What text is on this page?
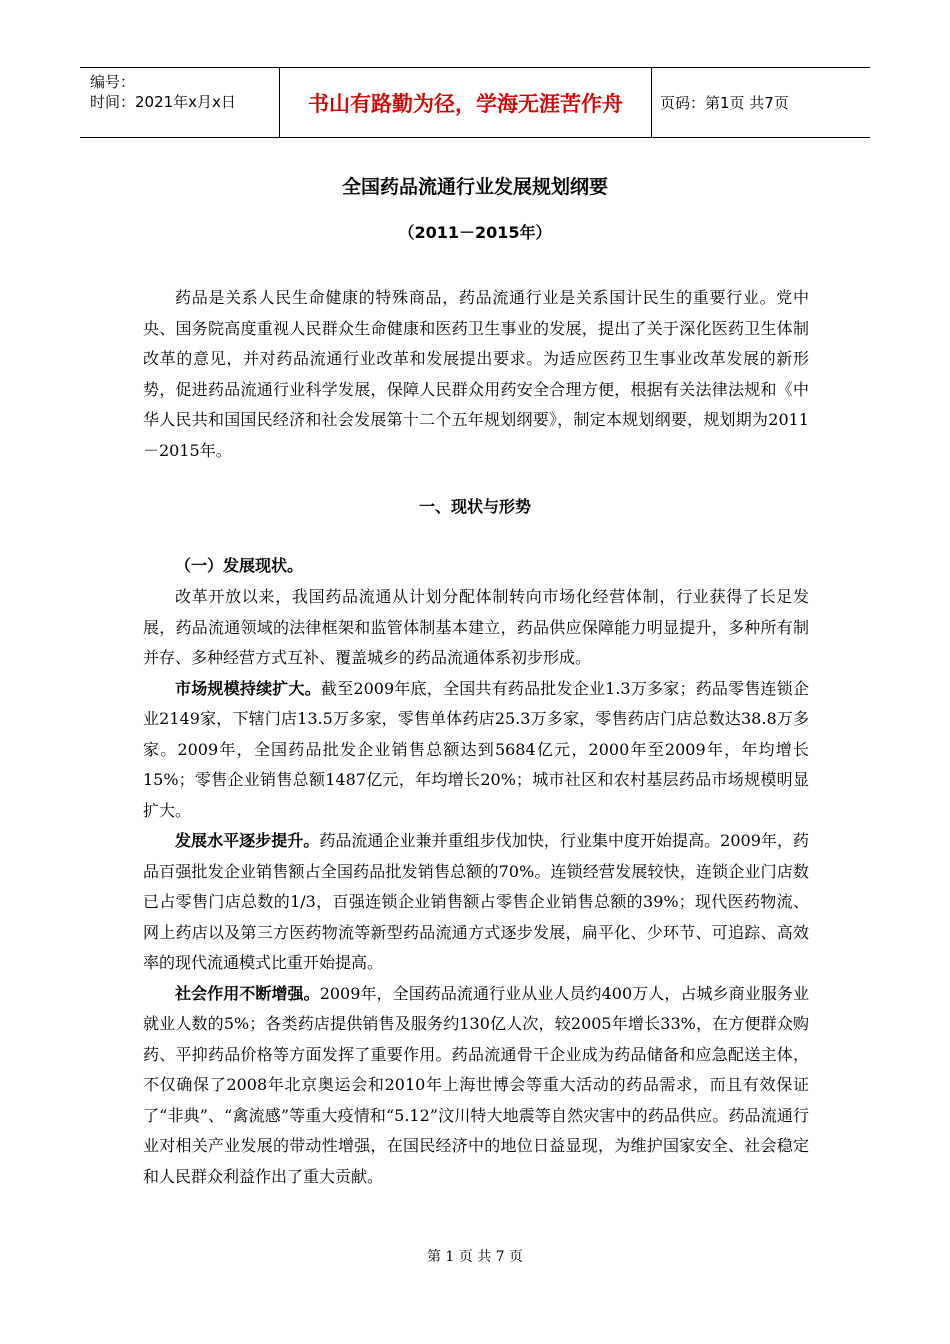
编号：
时间：2021年x月x日	书山有路勤为径，学海无涯苦作舟	页码：第1页 共7页
全国药品流通行业发展规划纲要
（2011－2015年）

药品是关系人民生命健康的特殊商品，药品流通行业是关系国计民生的重要行业。党中央、国务院高度重视人民群众生命健康和医药卫生事业的发展，提出了关于深化医药卫生体制改革的意见，并对药品流通行业改革和发展提出要求。为适应医药卫生事业改革发展的新形势，促进药品流通行业科学发展，保障人民群众用药安全合理方便，根据有关法律法规和《中华人民共和国国民经济和社会发展第十二个五年规划纲要》，制定本规划纲要，规划期为2011－2015年。

一、现状与形势
（一）发展现状。

改革开放以来，我国药品流通从计划分配体制转向市场化经营体制，行业获得了长足发展，药品流通领域的法律框架和监管体制基本建立，药品供应保障能力明显提升，多种所有制并存、多种经营方式互补、覆盖城乡的药品流通体系初步形成。

市场规模持续扩大。截至2009年底，全国共有药品批发企业1.3万多家；药品零售连锁企业2149家，下辖门店13.5万多家，零售单体药店25.3万多家，零售药店门店总数达38.8万多家。2009年，全国药品批发企业销售总额达到5684亿元，2000年至2009年，年均增长15%；零售企业销售总额1487亿元，年均增长20%；城市社区和农村基层药品市场规模明显扩大。

发展水平逐步提升。药品流通企业兼并重组步伐加快，行业集中度开始提高。2009年，药品百强批发企业销售额占全国药品批发销售总额的70%。连锁经营发展较快，连锁企业门店数已占零售门店总数的1/3，百强连锁企业销售额占零售企业销售总额的39%；现代医药物流、网上药店以及第三方医药物流等新型药品流通方式逐步发展，扁平化、少环节、可追踪、高效率的现代流通模式比重开始提高。

社会作用不断增强。2009年，全国药品流通行业从业人员约400万人，占城乡商业服务业就业人数的5%；各类药店提供销售及服务约130亿人次，较2005年增长33%，在方便群众购药、平抑药品价格等方面发挥了重要作用。药品流通骨干企业成为药品储备和应急配送主体，不仅确保了2008年北京奥运会和2010年上海世博会等重大活动的药品需求，而且有效保证了“非典”、“禽流感”等重大疫情和“5.12”汶川特大地震等自然灾害中的药品供应。药品流通行业对相关产业发展的带动性增强，在国民经济中的地位日益显现，为维护国家安全、社会稳定和人民群众利益作出了重大贡献。

第 1 页 共 7 页
